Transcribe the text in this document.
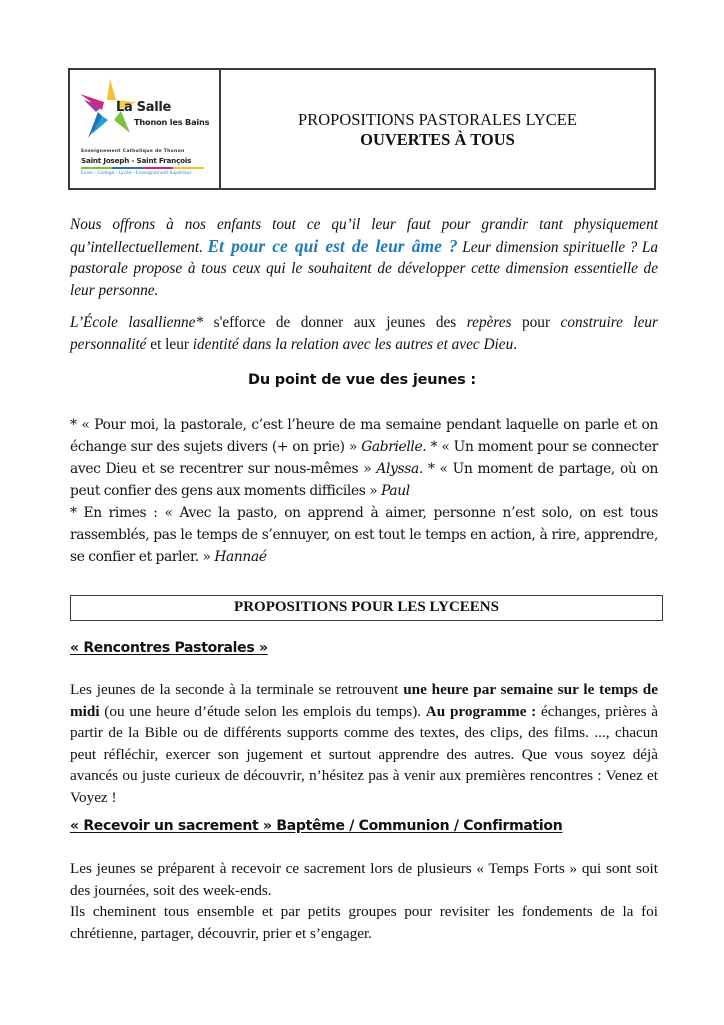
La Salle
Thonon les Bains
Enseignement Catholique de Thonon
Saint Joseph - Saint François
Ecole - Collège - Lycée - Enseignement Supérieur
PROPOSITIONS PASTORALES LYCEE
OUVERTES À TOUS

Nous offrons à nos enfants tout ce qu’il leur faut pour grandir tant physiquement qu’intellectuellement. Et pour ce qui est de leur âme ? Leur dimension spirituelle ? La pastorale propose à tous ceux qui le souhaitent de développer cette dimension essentielle de leur personne.

L’École lasallienne* s'efforce de donner aux jeunes des repères pour construire leur personnalité et leur identité dans la relation avec les autres et avec Dieu.

Du point de vue des jeunes :

* « Pour moi, la pastorale, c’est l’heure de ma semaine pendant laquelle on parle et on échange sur des sujets divers (+ on prie) » Gabrielle. * « Un moment pour se connecter avec Dieu et se recentrer sur nous-mêmes » Alyssa. * « Un moment de partage, où on peut confier des gens aux moments difficiles » Paul
* En rimes : « Avec la pasto, on apprend à aimer, personne n’est solo, on est tous rassemblés, pas le temps de s’ennuyer, on est tout le temps en action, à rire, apprendre, se confier et parler. » Hannaé

PROPOSITIONS POUR LES LYCEENS
« Rencontres Pastorales »

Les jeunes de la seconde à la terminale se retrouvent une heure par semaine sur le temps de midi (ou une heure d’étude selon les emplois du temps). Au programme : échanges, prières à partir de la Bible ou de différents supports comme des textes, des clips, des films. ..., chacun peut réfléchir, exercer son jugement et surtout apprendre des autres. Que vous soyez déjà avancés ou juste curieux de découvrir, n’hésitez pas à venir aux premières rencontres : Venez et Voyez !

« Recevoir un sacrement » Baptême / Communion / Confirmation

Les jeunes se préparent à recevoir ce sacrement lors de plusieurs « Temps Forts » qui sont soit des journées, soit des week-ends.
Ils cheminent tous ensemble et par petits groupes pour revisiter les fondements de la foi chrétienne, partager, découvrir, prier et s’engager.
